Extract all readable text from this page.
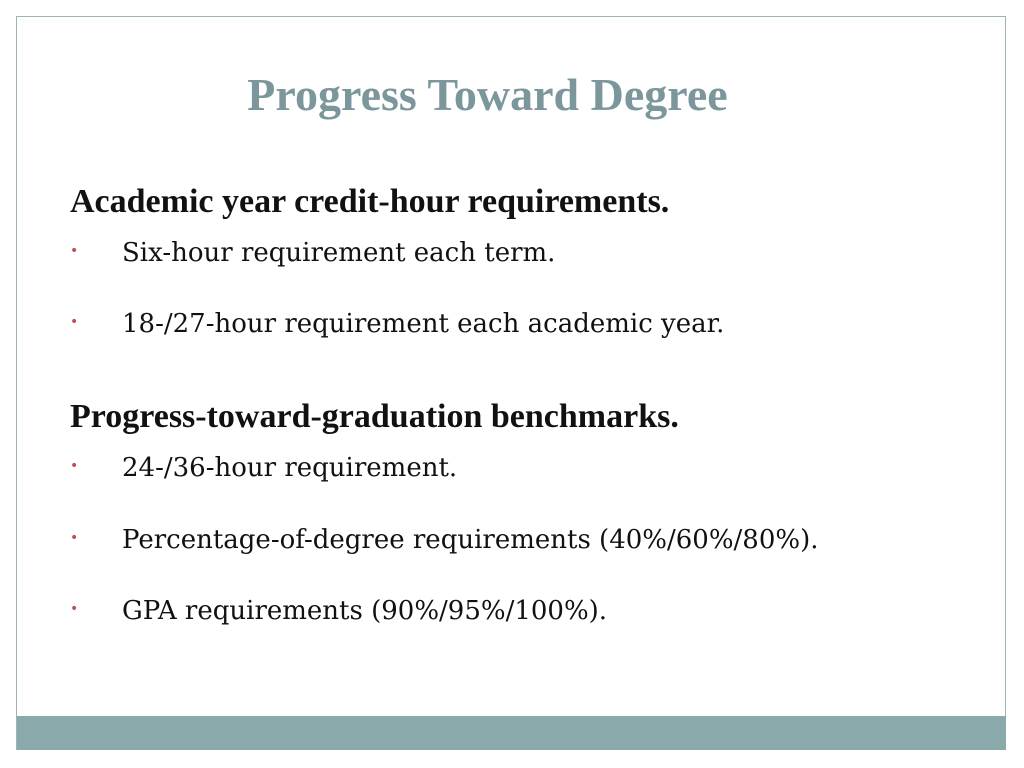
Progress Toward Degree
Academic year credit-hour requirements.
•	Six-hour requirement each term.
•	18-/27-hour requirement each academic year.
Progress-toward-graduation benchmarks.
•	24-/36-hour requirement.
•	Percentage-of-degree requirements (40%/60%/80%).
•	GPA requirements (90%/95%/100%).
